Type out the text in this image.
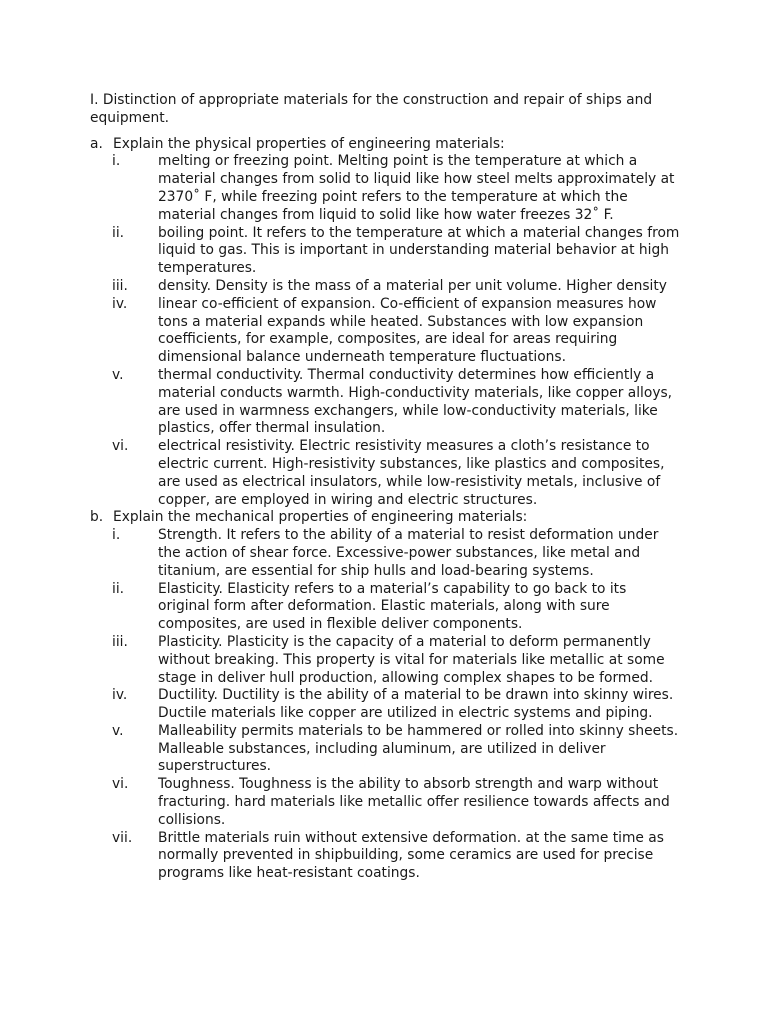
I. Distinction of appropriate materials for the construction and repair of ships and equipment.
a. Explain the physical properties of engineering materials:
i.	melting or freezing point. Melting point is the temperature at which a material changes from solid to liquid like how steel melts approximately at 2370˚ F, while freezing point refers to the temperature at which the material changes from liquid to solid like how water freezes 32˚ F.
ii.	boiling point. It refers to the temperature at which a material changes from liquid to gas. This is important in understanding material behavior at high temperatures.
iii.	density. Density is the mass of a material per unit volume. Higher density
iv.	linear co-efficient of expansion. Co-efficient of expansion measures how tons a material expands while heated. Substances with low expansion coefficients, for example, composites, are ideal for areas requiring dimensional balance underneath temperature fluctuations.
v.	thermal conductivity. Thermal conductivity determines how efficiently a material conducts warmth. High-conductivity materials, like copper alloys, are used in warmness exchangers, while low-conductivity materials, like plastics, offer thermal insulation.
vi.	electrical resistivity. Electric resistivity measures a cloth’s resistance to electric current. High-resistivity substances, like plastics and composites, are used as electrical insulators, while low-resistivity metals, inclusive of copper, are employed in wiring and electric structures.
b. Explain the mechanical properties of engineering materials:
i.	Strength. It refers to the ability of a material to resist deformation under the action of shear force. Excessive-power substances, like metal and titanium, are essential for ship hulls and load-bearing systems.
ii.	Elasticity. Elasticity refers to a material’s capability to go back to its original form after deformation. Elastic materials, along with sure composites, are used in flexible deliver components.
iii.	Plasticity. Plasticity is the capacity of a material to deform permanently without breaking. This property is vital for materials like metallic at some stage in deliver hull production, allowing complex shapes to be formed.
iv.	Ductility. Ductility is the ability of a material to be drawn into skinny wires. Ductile materials like copper are utilized in electric systems and piping.
v.	Malleability permits materials to be hammered or rolled into skinny sheets. Malleable substances, including aluminum, are utilized in deliver superstructures.
vi.	Toughness. Toughness is the ability to absorb strength and warp without fracturing. hard materials like metallic offer resilience towards affects and collisions.
vii.	Brittle materials ruin without extensive deformation. at the same time as normally prevented in shipbuilding, some ceramics are used for precise programs like heat-resistant coatings.
